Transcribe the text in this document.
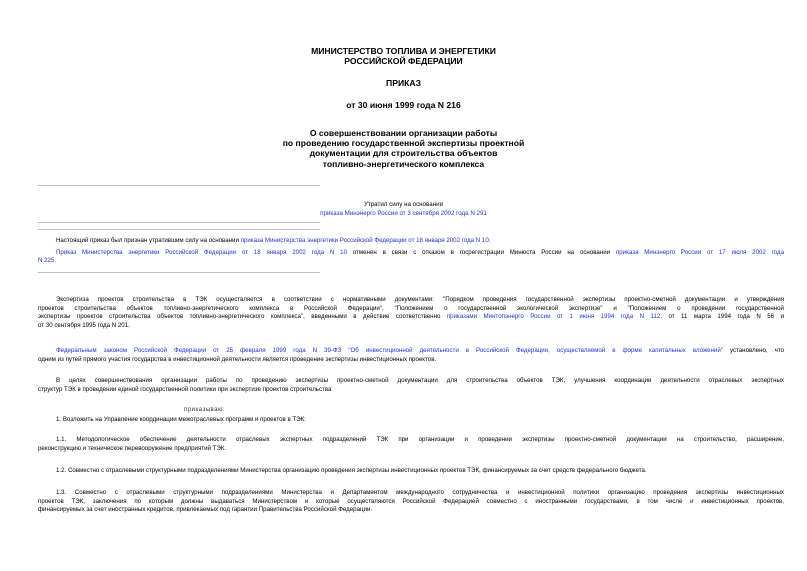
МИНИСТЕРСТВО ТОПЛИВА И ЭНЕРГЕТИКИ
РОССИЙСКОЙ ФЕДЕРАЦИИ
ПРИКАЗ
от 30 июня 1999 года N 216
О совершенствовании организации работы
по проведению государственной экспертизы проектной
документации для строительства объектов
топливно-энергетического комплекса
Утратил силу на основании
приказа Минэнерго России от 3 сентября 2002 года N 291
Настоящий приказ был признан утратившим силу на основании приказа Министерства энергетики Российской Федерации от 18 января 2002 года N 10.
Приказ Министерства энергетики Российской Федерации от 18 января 2002 года N 10 отменен в связи с отказом в госрегистрации Минюста России на основании приказа Минэнерго России от 17 июля 2002 года
N 225.
Экспертиза проектов строительства в ТЭК осуществляется в соответствии с нормативными документами: "Порядком проведения государственной экспертизы проектно-сметной документации и утверждения
проектов строительства объектов топливно-энергетического комплекса в Российской Федерации", "Положением о государственной экологической экспертизе" и "Положением о проведении государственной
экспертизы проектов строительства объектов топливно-энергетического комплекса", введенными в действие соответственно приказами Минтопэнерго России от 1 июня 1994 года N 112, от 11 марта 1994 года N 56 и
от 30 сентября 1995 года N 201.
Федеральным законом Российской Федерации от 25 февраля 1999 года N 39-ФЗ "Об инвестиционной деятельности в Российской Федерации, осуществляемой в форме капитальных вложений" установлено, что
одним из путей прямого участия государства в инвестиционной деятельности является проведение экспертизы инвестиционных проектов.
В целях совершенствования организации работы по проведению экспертизы проектно-сметной документации для строительства объектов ТЭК, улучшения координации деятельности отраслевых экспертных
структур ТЭК в проведении единой государственной политики при экспертизе проектов строительства
приказываю:
1. Возложить на Управление координации межотраслевых программ и проектов в ТЭК:
1.1. Методологическое обеспечение деятельности отраслевых экспертных подразделений ТЭК при организации и проведении экспертизы проектно-сметной документации на строительство, расширение,
реконструкцию и техническое перевооружение предприятий ТЭК.
1.2. Совместно с отраслевыми структурными подразделениями Министерства организацию проведения экспертизы инвестиционных проектов ТЭК, финансируемых за счет средств федерального бюджета.
1.3. Совместно с отраслевыми структурными подразделениями Министерства и Департаментом международного сотрудничества и инвестиционной политики организацию проведения экспертизы инвестиционных
проектов ТЭК, заключения по которым должны выдаваться Министерством и которые осуществляются Российской Федерацией совместно с иностранными государствами, в том числе и инвестиционных проектов,
финансируемых за счет иностранных кредитов, привлекаемых под гарантии Правительства Российской Федерации.
